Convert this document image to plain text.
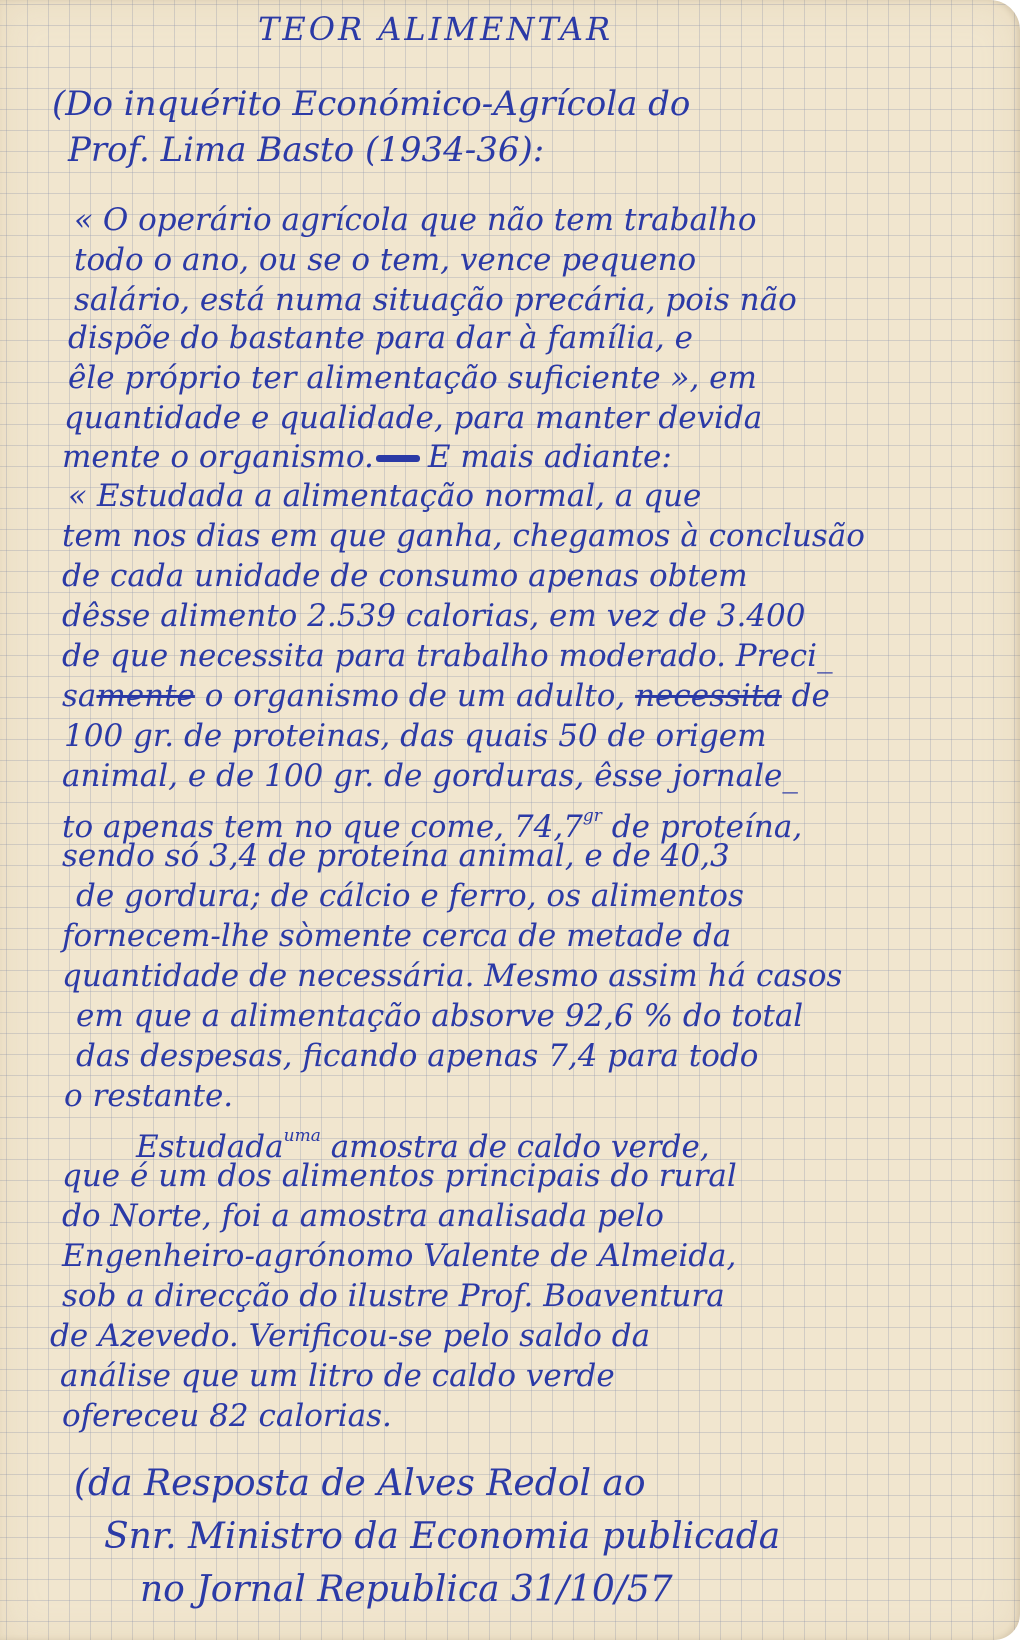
TEOR ALIMENTAR
(Do inquérito Económico-Agrícola do
Prof. Lima Basto (1934-36):
« O operário agrícola que não tem trabalho
todo o ano, ou se o tem, vence pequeno
salário, está numa situação precária, pois não
dispõe do bastante para dar à família, e
êle próprio ter alimentação suficiente », em
quantidade e qualidade, para manter devida
mente o organismo. E mais adiante:
« Estudada a alimentação normal, a que
tem nos dias em que ganha, chegamos à conclusão
de cada unidade de consumo apenas obtem
dêsse alimento 2.539 calorias, em vez de 3.400
de que necessita para trabalho moderado. Preci_
samente o organismo de um adulto, necessita de
100 gr. de proteinas, das quais 50 de origem
animal, e de 100 gr. de gorduras, êsse jornale_
to apenas tem no que come, $74,7^{gr}$ de proteína,
sendo só 3,4 de proteína animal, e de 40,3
de gordura; de cálcio e ferro, os alimentos
fornecem-lhe sòmente cerca de metade da
quantidade de necessária. Mesmo assim há casos
em que a alimentação absorve 92,6 % do total
das despesas, ficando apenas 7,4 para todo
o restante.
Estudada$^{uma}$ amostra de caldo verde,
que é um dos alimentos principais do rural
do Norte, foi a amostra analisada pelo
Engenheiro-agrónomo Valente de Almeida,
sob a direcção do ilustre Prof. Boaventura
de Azevedo. Verificou-se pelo saldo da
análise que um litro de caldo verde
ofereceu 82 calorias.
(da Resposta de Alves Redol ao
Snr. Ministro da Economia publicada
no Jornal Republica 31/10/57
